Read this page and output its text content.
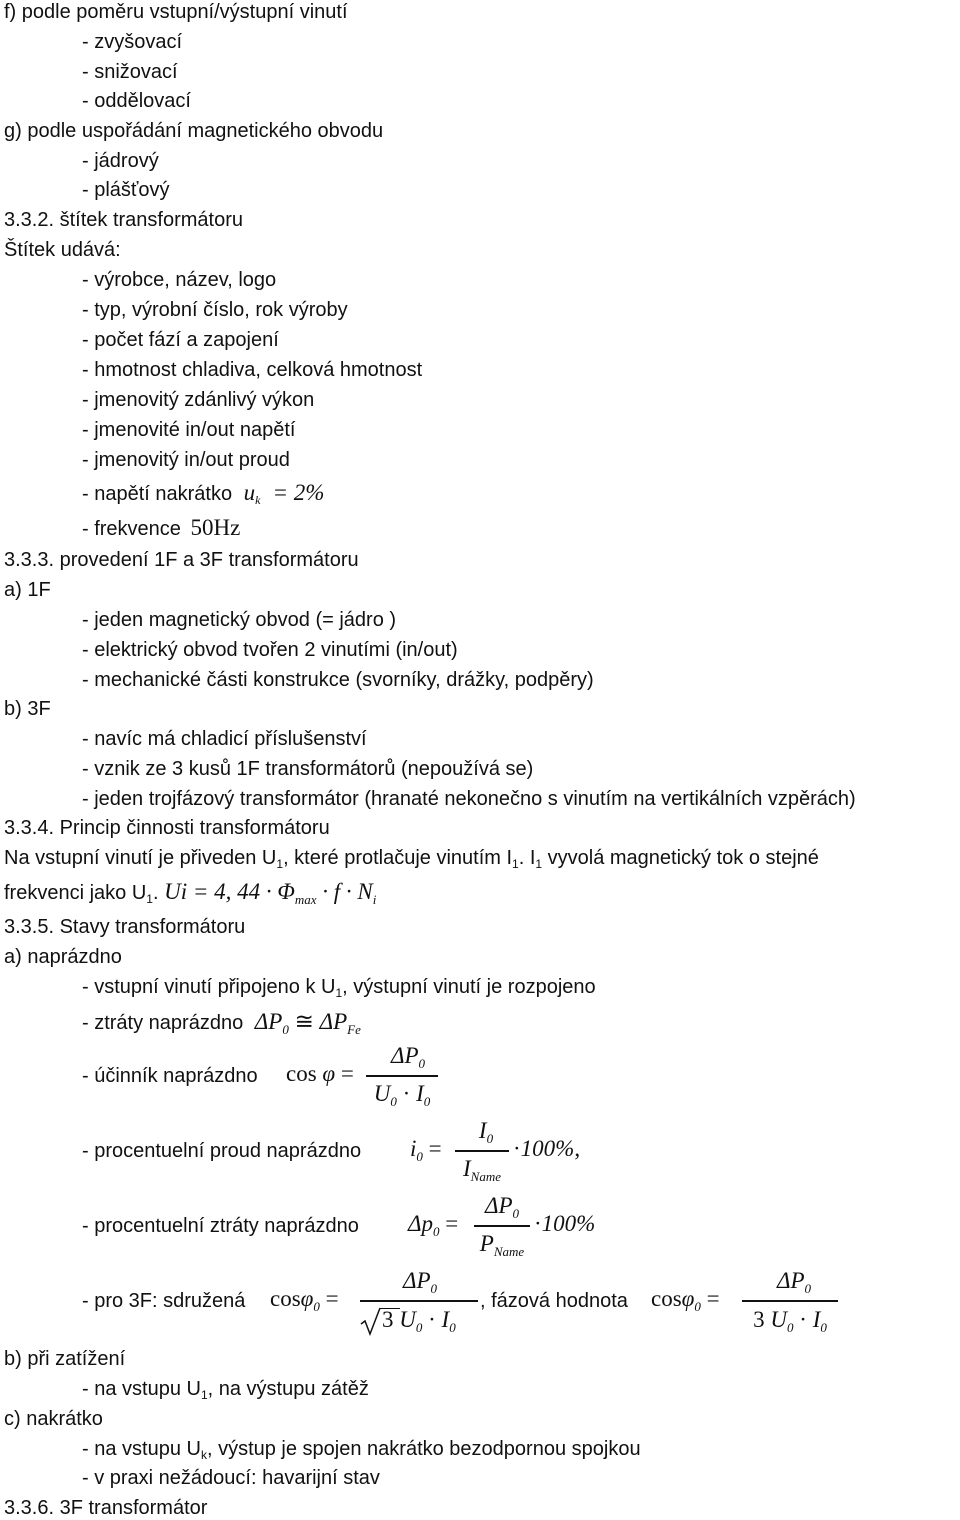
f) podle poměru vstupní/výstupní vinutí
- zvyšovací
- snižovací
- oddělovací
g) podle uspořádání magnetického obvodu
- jádrový
- plášťový
3.3.2. štítek transformátoru
Štítek udává:
- výrobce, název, logo
- typ, výrobní číslo, rok výroby
- počet fází a zapojení
- hmotnost chladiva, celková hmotnost
- jmenovitý zdánlivý výkon
- jmenovité in/out napětí
- jmenovitý in/out proud
- napětí nakrátko uk = 2%
- frekvence 50Hz
3.3.3. provedení 1F a 3F transformátoru
a) 1F
- jeden magnetický obvod (= jádro )
- elektrický obvod tvořen 2 vinutími (in/out)
- mechanické části konstrukce (svorníky, drážky, podpěry)
b) 3F
- navíc má chladicí příslušenství
- vznik ze 3 kusů 1F transformátorů (nepoužívá se)
- jeden trojfázový transformátor (hranaté nekonečno s vinutím na vertikálních vzpěrách)
3.3.4. Princip činnosti transformátoru
Na vstupní vinutí je přiveden $U_1$, které protlačuje vinutím $I_1$. $I_1$ vyvolá magnetický tok o stejné
frekvenci jako $U_1$. Ui = 4, $44 \cdot \Phi_{max} \cdot f \cdot N_i$
3.3.5. Stavy transformátoru
a) naprázdno
- vstupní vinutí připojeno k $U_1$, výstupní vinutí je rozpojeno
- ztráty naprázdno $\Delta P_0$ ≅ $\Delta P_{Fe}$
- účinník naprázdno cos φ =
$\Delta P_0$
$U_0 \cdot I_0$
- procentuelní proud naprázdno $i_0$ =
$I_0$
$I_{Name}$
·100%,
- procentuelní ztráty naprázdno $\Delta p_0$ =
$\Delta P_0$
$P_{Name}$
·100%
- pro 3F: sdružená cosφ$_0$ =
$\Delta P_0$
3 $U_0 \cdot I_0$
, fázová hodnota cosφ$_0$ =
$\Delta P_0$
3 $U_0 \cdot I_0$
b) při zatížení
- na vstupu $U_1$, na výstupu zátěž
c) nakrátko
- na vstupu $U_k$, výstup je spojen nakrátko bezodpornou spojkou
- v praxi nežádoucí: havarijní stav
3.3.6. 3F transformátor
